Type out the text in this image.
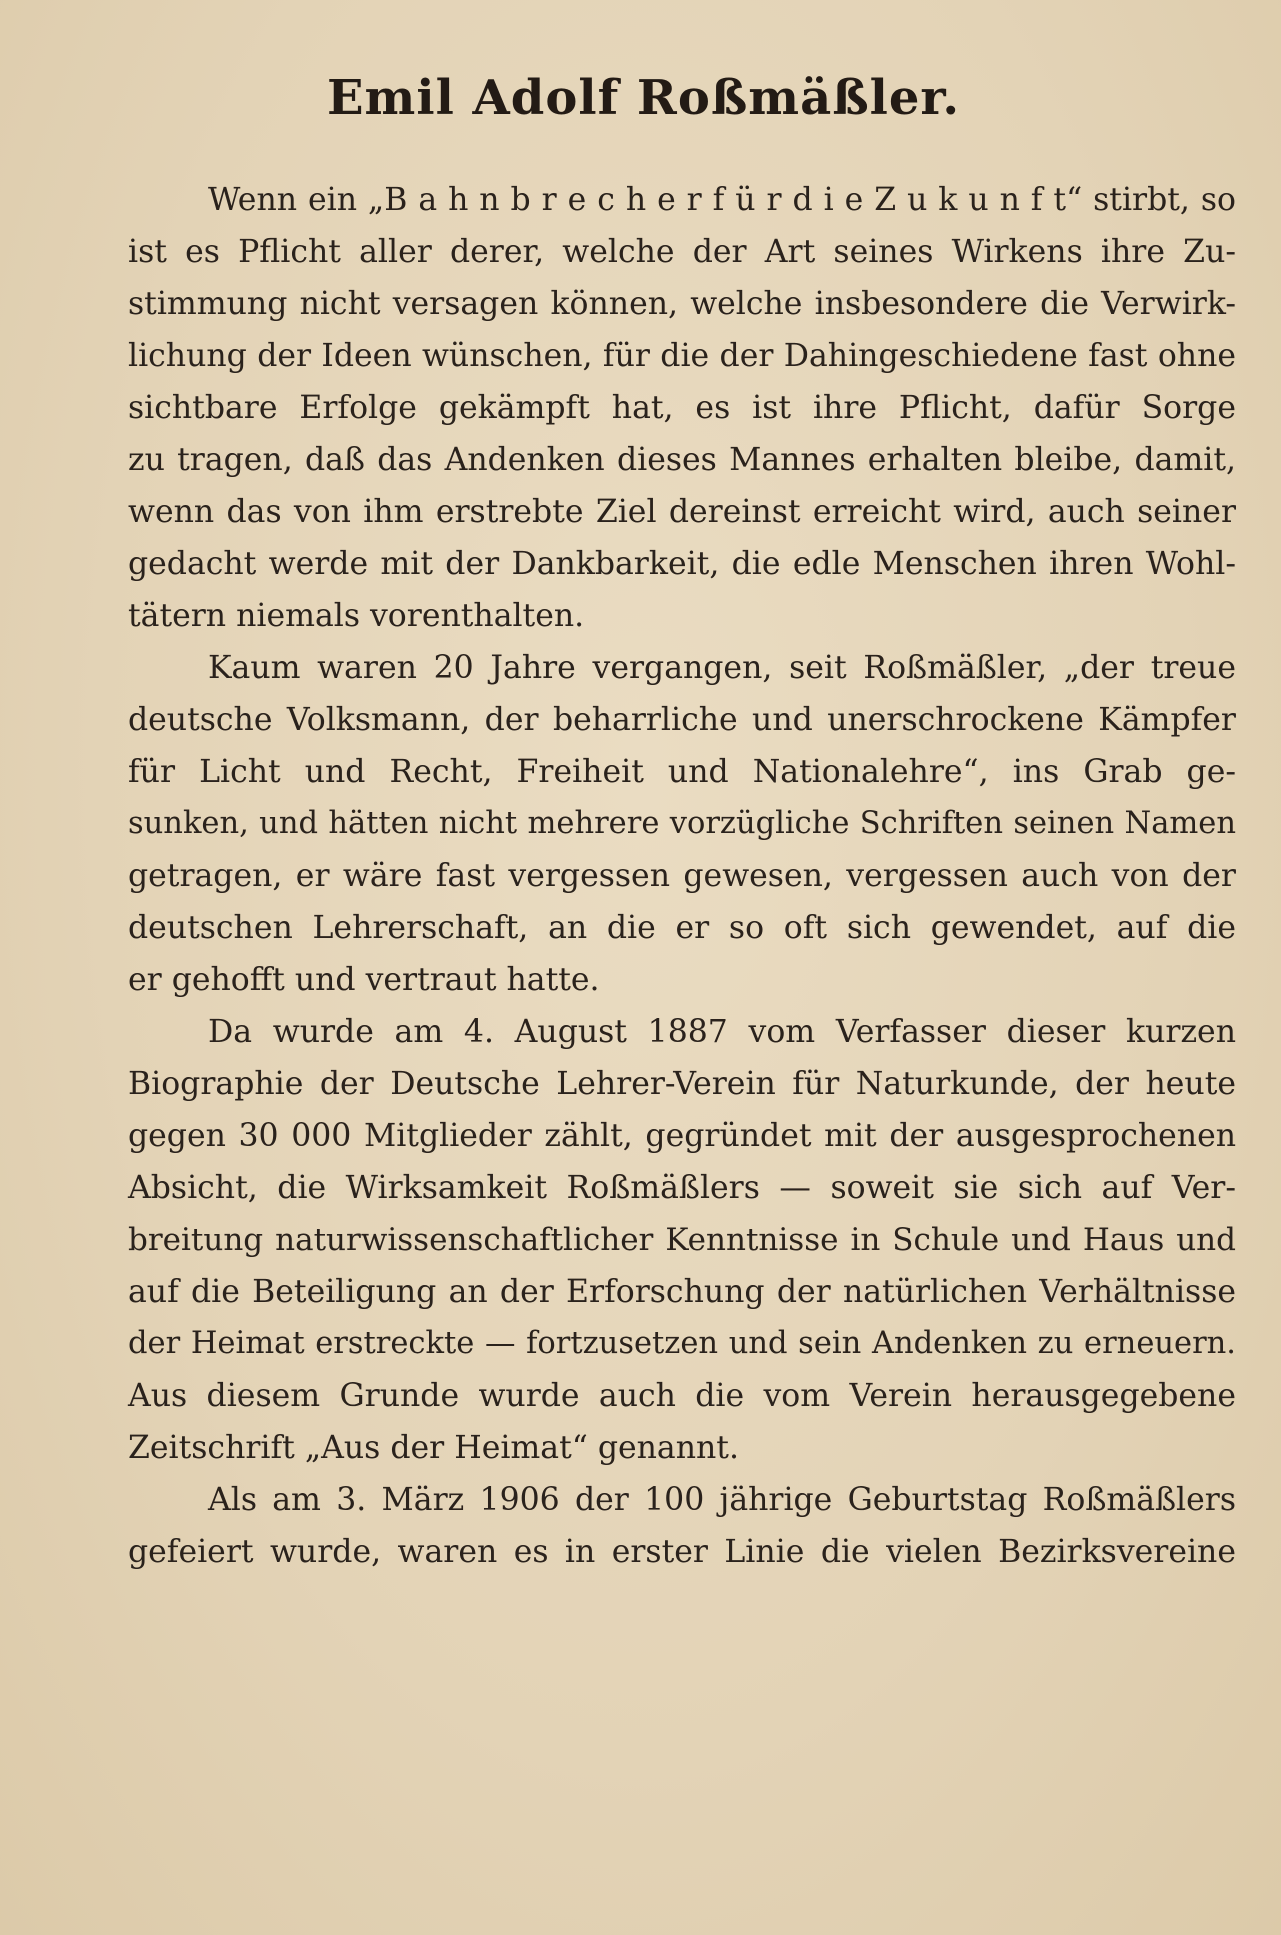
Emil Adolf Roßmäßler.
Wenn ein „B a h n b r e c h e r f ü r d i e Z u k u n f t“ stirbt, so
ist es Pflicht aller derer, welche der Art seines Wirkens ihre Zu-
stimmung nicht versagen können, welche insbesondere die Verwirk-
lichung der Ideen wünschen, für die der Dahingeschiedene fast ohne
sichtbare Erfolge gekämpft hat, es ist ihre Pflicht, dafür Sorge
zu tragen, daß das Andenken dieses Mannes erhalten bleibe, damit,
wenn das von ihm erstrebte Ziel dereinst erreicht wird, auch seiner
gedacht werde mit der Dankbarkeit, die edle Menschen ihren Wohl-
tätern niemals vorenthalten.
Kaum waren 20 Jahre vergangen, seit Roßmäßler, „der treue
deutsche Volksmann, der beharrliche und unerschrockene Kämpfer
für Licht und Recht, Freiheit und Nationalehre“, ins Grab ge-
sunken, und hätten nicht mehrere vorzügliche Schriften seinen Namen
getragen, er wäre fast vergessen gewesen, vergessen auch von der
deutschen Lehrerschaft, an die er so oft sich gewendet, auf die
er gehofft und vertraut hatte.
Da wurde am 4. August 1887 vom Verfasser dieser kurzen
Biographie der Deutsche Lehrer-Verein für Naturkunde, der heute
gegen 30 000 Mitglieder zählt, gegründet mit der ausgesprochenen
Absicht, die Wirksamkeit Roßmäßlers — soweit sie sich auf Ver-
breitung naturwissenschaftlicher Kenntnisse in Schule und Haus und
auf die Beteiligung an der Erforschung der natürlichen Verhältnisse
der Heimat erstreckte — fortzusetzen und sein Andenken zu erneuern.
Aus diesem Grunde wurde auch die vom Verein herausgegebene
Zeitschrift „Aus der Heimat“ genannt.
Als am 3. März 1906 der 100 jährige Geburtstag Roßmäßlers
gefeiert wurde, waren es in erster Linie die vielen Bezirksvereine
